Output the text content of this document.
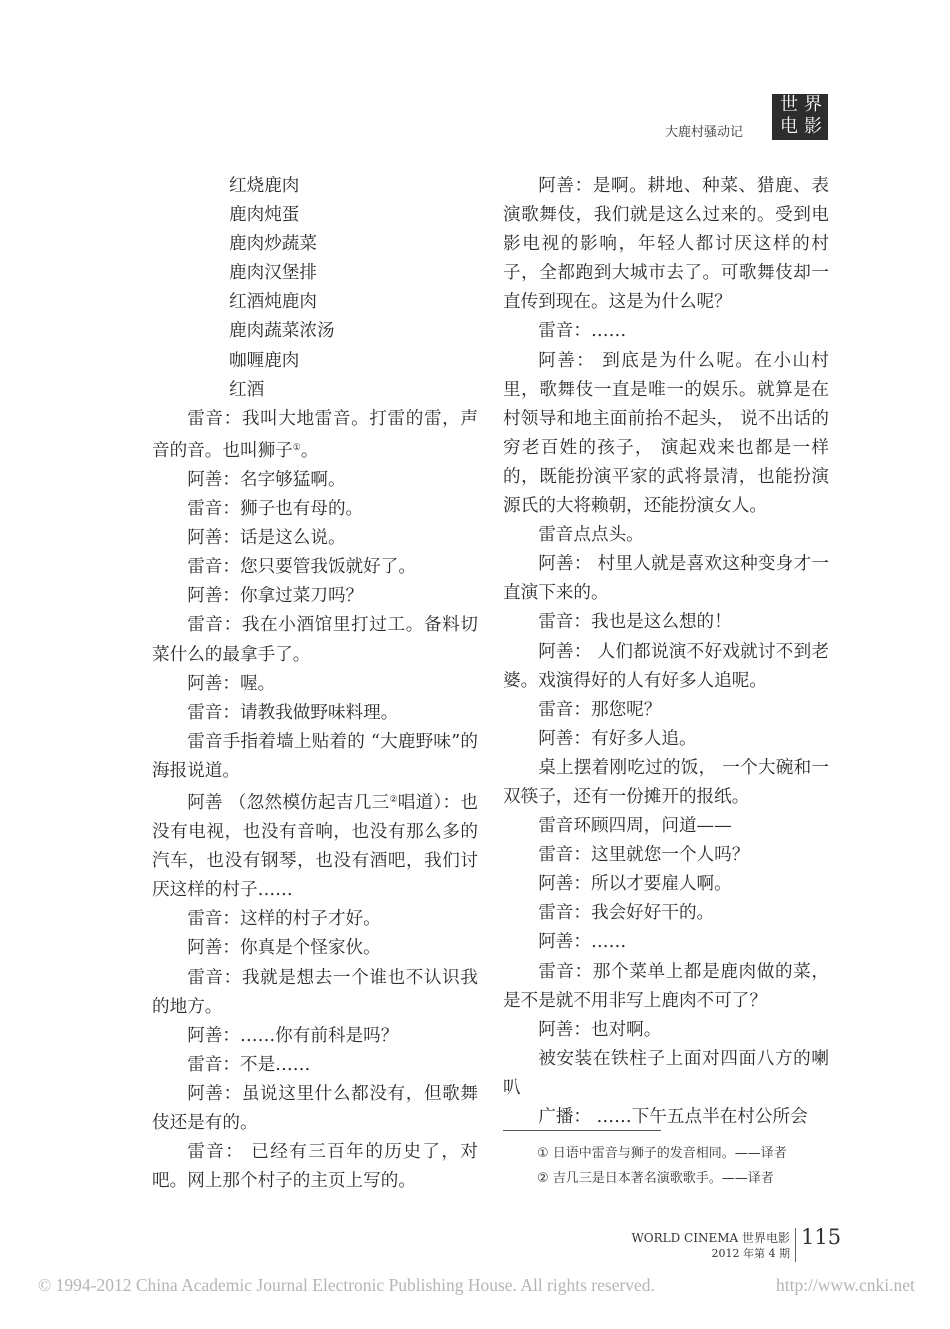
大鹿村骚动记
世界
电影

红烧鹿肉

鹿肉炖蛋

鹿肉炒蔬菜

鹿肉汉堡排

红酒炖鹿肉

鹿肉蔬菜浓汤

咖喱鹿肉

红酒

雷音：我叫大地雷音。打雷的雷，声音的音。也叫狮子①。

阿善：名字够猛啊。

雷音：狮子也有母的。

阿善：话是这么说。

雷音：您只要管我饭就好了。

阿善：你拿过菜刀吗？

雷音：我在小酒馆里打过工。备料切菜什么的最拿手了。

阿善：喔。

雷音：请教我做野味料理。

雷音手指着墙上贴着的 “大鹿野味”的海报说道。

阿善 （忽然模仿起吉几三②唱道）：也没有电视，也没有音响，也没有那么多的汽车，也没有钢琴，也没有酒吧，我们讨厌这样的村子……

雷音：这样的村子才好。

阿善：你真是个怪家伙。

雷音：我就是想去一个谁也不认识我的地方。

阿善：……你有前科是吗？

雷音：不是……

阿善：虽说这里什么都没有，但歌舞伎还是有的。

雷音： 已经有三百年的历史了，对吧。网上那个村子的主页上写的。

阿善：是啊。耕地、种菜、猎鹿、表演歌舞伎，我们就是这么过来的。受到电影电视的影响，年轻人都讨厌这样的村子，全都跑到大城市去了。可歌舞伎却一直传到现在。这是为什么呢？

雷音：……

阿善： 到底是为什么呢。在小山村里，歌舞伎一直是唯一的娱乐。就算是在村领导和地主面前抬不起头， 说不出话的穷老百姓的孩子， 演起戏来也都是一样的，既能扮演平家的武将景清，也能扮演源氏的大将赖朝，还能扮演女人。

雷音点点头。

阿善： 村里人就是喜欢这种变身才一直演下来的。

雷音：我也是这么想的！

阿善： 人们都说演不好戏就讨不到老婆。戏演得好的人有好多人追呢。

雷音：那您呢？

阿善：有好多人追。

桌上摆着刚吃过的饭， 一个大碗和一双筷子，还有一份摊开的报纸。

雷音环顾四周，问道——

雷音：这里就您一个人吗？

阿善：所以才要雇人啊。

雷音：我会好好干的。

阿善：……

雷音：那个菜单上都是鹿肉做的菜，是不是就不用非写上鹿肉不可了？

阿善：也对啊。

被安装在铁柱子上面对四面八方的喇叭

广播： ……下午五点半在村公所会

① 日语中雷音与狮子的发音相同。——译者
② 吉几三是日本著名演歌歌手。——译者
WORLD CINEMA 世界电影
2012 年第 4 期
115
© 1994-2012 China Academic Journal Electronic Publishing House. All rights reserved.	http://www.cnki.net
